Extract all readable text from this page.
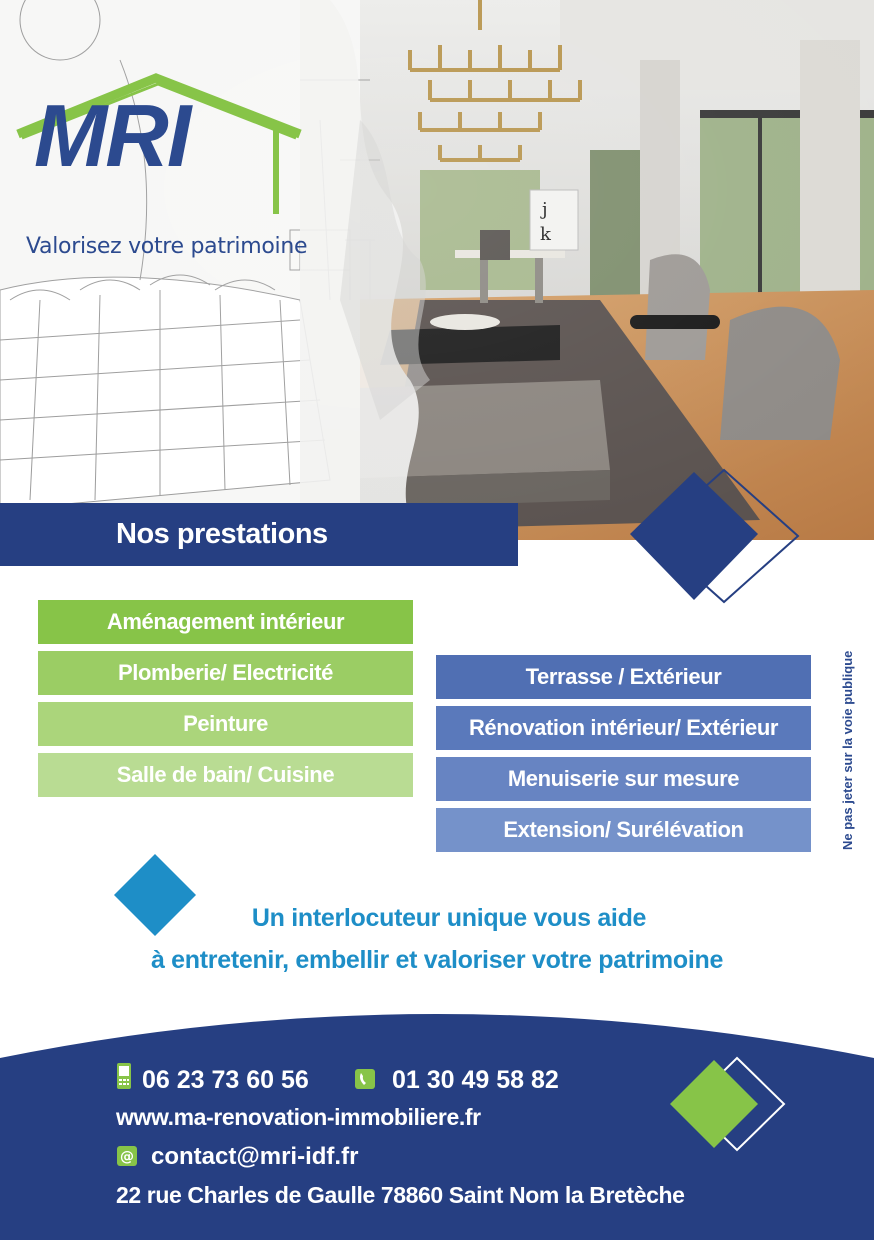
MRI
Valorisez votre patrimoine
Nos prestations
Aménagement intérieur
Plomberie/ Electricité
Peinture
Salle de bain/ Cuisine
Terrasse / Extérieur
Rénovation intérieur/ Extérieur
Menuiserie sur mesure
Extension/ Surélévation	Ne pas jeter sur la voie publique
Un interlocuteur unique vous aide
à entretenir, embellir et valoriser votre patrimoine
06 23 73 60 56	01 30 49 58 82
www.ma-renovation-immobiliere.fr
@ contact@mri-idf.fr
22 rue Charles de Gaulle 78860 Saint Nom la Bretèche
